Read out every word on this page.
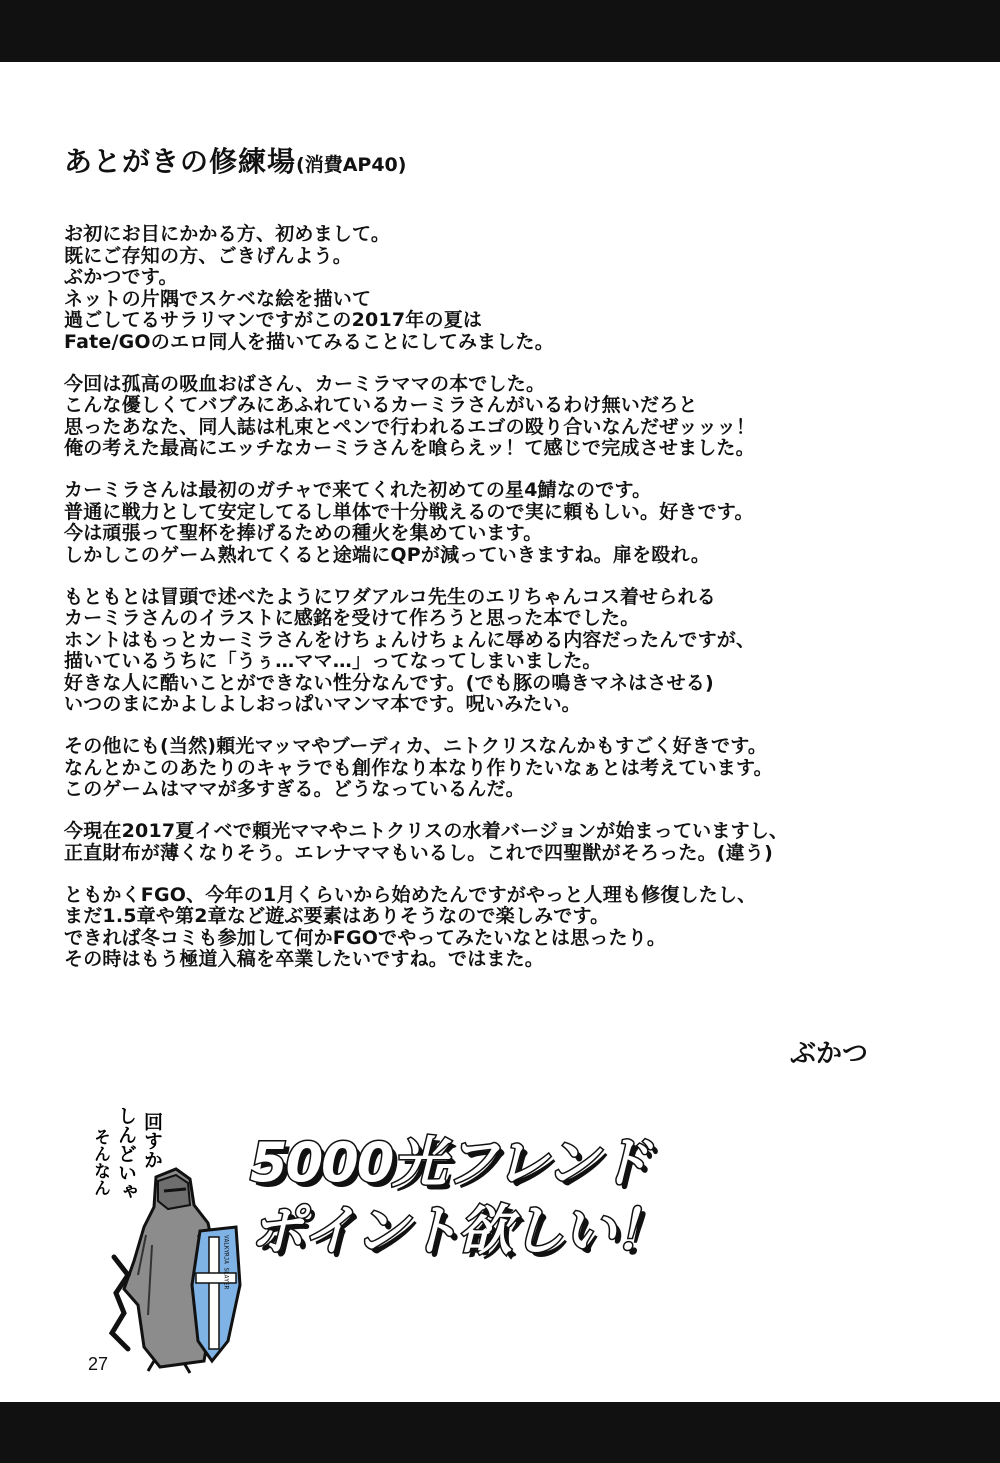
あとがきの修練場(消費AP40)
お初にお目にかかる方、初めまして。
既にご存知の方、ごきげんよう。
ぶかつです。
ネットの片隅でスケベな絵を描いて
過ごしてるサラリマンですがこの2017年の夏は
Fate/GOのエロ同人を描いてみることにしてみました。
今回は孤高の吸血おばさん、カーミラママの本でした。
こんな優しくてバブみにあふれているカーミラさんがいるわけ無いだろと
思ったあなた、同人誌は札束とペンで行われるエゴの殴り合いなんだぜッッッ！
俺の考えた最高にエッチなカーミラさんを喰らえッ！て感じで完成させました。
カーミラさんは最初のガチャで来てくれた初めての星4鯖なのです。
普通に戦力として安定してるし単体で十分戦えるので実に頼もしい。好きです。
今は頑張って聖杯を捧げるための種火を集めています。
しかしこのゲーム熟れてくると途端にQPが減っていきますね。扉を殴れ。
もともとは冒頭で述べたようにワダアルコ先生のエリちゃんコス着せられる
カーミラさんのイラストに感銘を受けて作ろうと思った本でした。
ホントはもっとカーミラさんをけちょんけちょんに辱める内容だったんですが、
描いているうちに「うぅ…ママ…」ってなってしまいました。
好きな人に酷いことができない性分なんです。(でも豚の鳴きマネはさせる)
いつのまにかよしよしおっぱいマンマ本です。呪いみたい。
その他にも(当然)頼光マッマやブーディカ、ニトクリスなんかもすごく好きです。
なんとかこのあたりのキャラでも創作なり本なり作りたいなぁとは考えています。
このゲームはママが多すぎる。どうなっているんだ。
今現在2017夏イベで頼光ママやニトクリスの水着バージョンが始まっていますし、
正直財布が薄くなりそう。エレナママもいるし。これで四聖獣がそろった。(違う)
ともかくFGO、今年の1月くらいから始めたんですがやっと人理も修復したし、
まだ1.5章や第2章など遊ぶ要素はありそうなので楽しみです。
できれば冬コミも参加して何かFGOでやってみたいなとは思ったり。
その時はもう極道入稿を卒業したいですね。ではまた。
ぶかつ
回すか
しんどいゃ
そんなん
VALKYRJA SLAYER
5000光フレンド
ポイント欲しい！
27
